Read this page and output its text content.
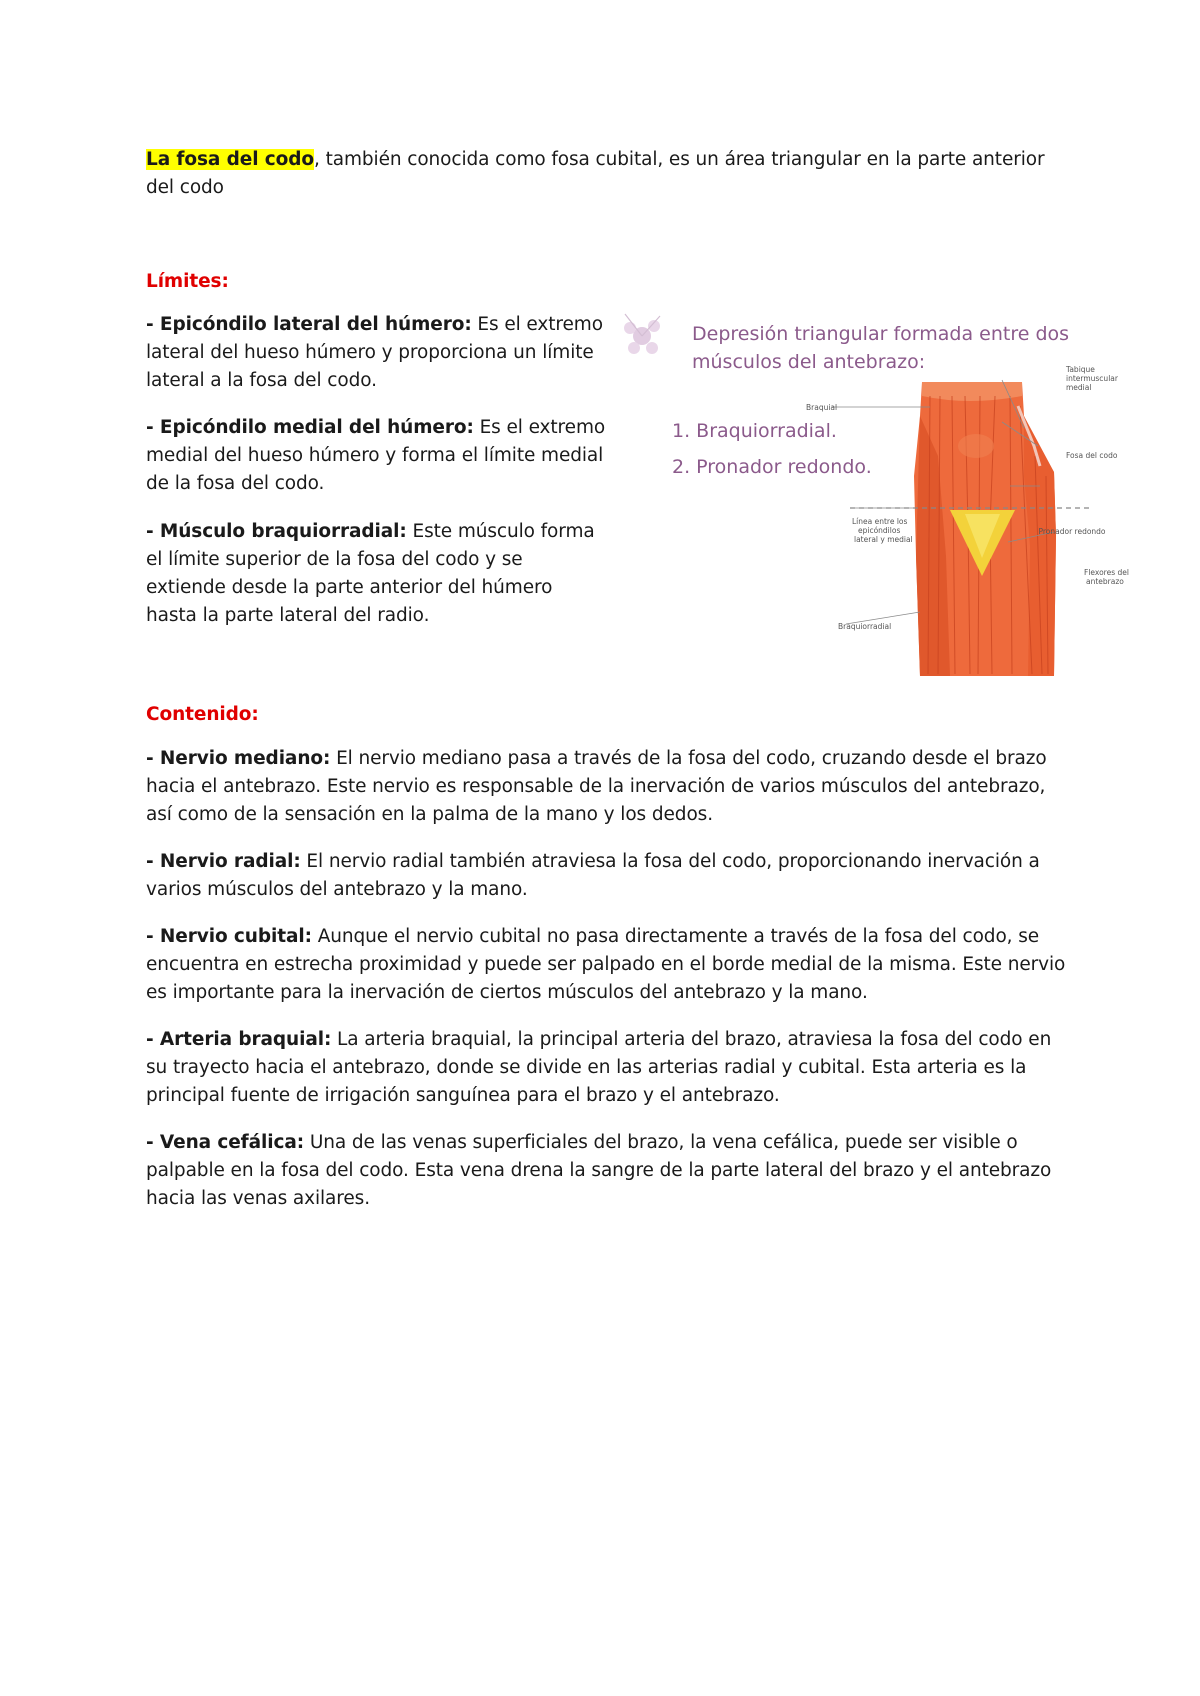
La fosa del codo, también conocida como fosa cubital, es un área triangular en la parte anterior del codo
Límites:
- Epicóndilo lateral del húmero: Es el extremo lateral del hueso húmero y proporciona un límite lateral a la fosa del codo.
- Epicóndilo medial del húmero: Es el extremo medial del hueso húmero y forma el límite medial de la fosa del codo.
- Músculo braquiorradial: Este músculo forma el límite superior de la fosa del codo y se extiende desde la parte anterior del húmero hasta la parte lateral del radio.
Depresión triangular formada entre dos
músculos del antebrazo:
1. Braquiorradial.
2. Pronador redondo.
Braquial
Tabique
intermuscular
medial
Fosa del codo
Línea entre los
epicóndilos
lateral y medial
Pronador redondo
Flexores del
antebrazo
Braquiorradial
Contenido:
- Nervio mediano: El nervio mediano pasa a través de la fosa del codo, cruzando desde el brazo hacia el antebrazo. Este nervio es responsable de la inervación de varios músculos del antebrazo, así como de la sensación en la palma de la mano y los dedos.
- Nervio radial: El nervio radial también atraviesa la fosa del codo, proporcionando inervación a varios músculos del antebrazo y la mano.
- Nervio cubital: Aunque el nervio cubital no pasa directamente a través de la fosa del codo, se encuentra en estrecha proximidad y puede ser palpado en el borde medial de la misma. Este nervio es importante para la inervación de ciertos músculos del antebrazo y la mano.
- Arteria braquial: La arteria braquial, la principal arteria del brazo, atraviesa la fosa del codo en su trayecto hacia el antebrazo, donde se divide en las arterias radial y cubital. Esta arteria es la principal fuente de irrigación sanguínea para el brazo y el antebrazo.
- Vena cefálica: Una de las venas superficiales del brazo, la vena cefálica, puede ser visible o palpable en la fosa del codo. Esta vena drena la sangre de la parte lateral del brazo y el antebrazo hacia las venas axilares.
